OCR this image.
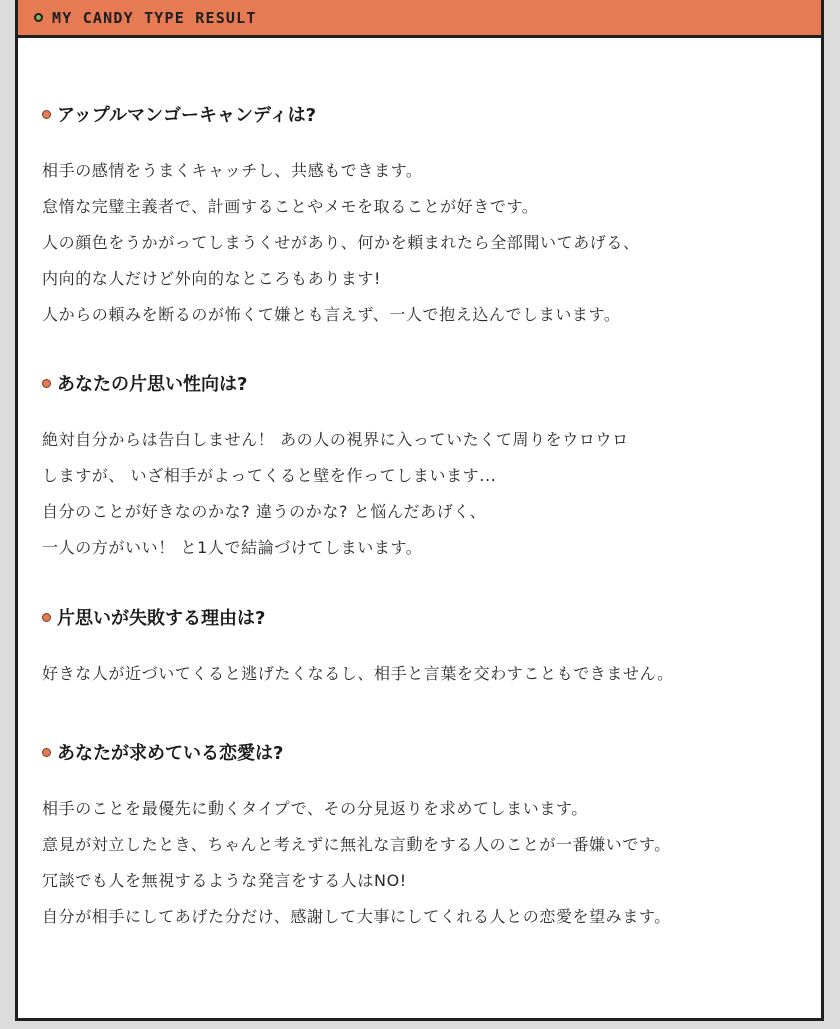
MY CANDY TYPE RESULT
アップルマンゴーキャンディは?
相手の感情をうまくキャッチし、共感もできます。
怠惰な完璧主義者で、計画することやメモを取ることが好きです。
人の顔色をうかがってしまうくせがあり、何かを頼まれたら全部聞いてあげる、
内向的な人だけど外向的なところもあります!
人からの頼みを断るのが怖くて嫌とも言えず、一人で抱え込んでしまいます。
あなたの片思い性向は?
絶対自分からは告白しません！ あの人の視界に入っていたくて周りをウロウロ
しますが、 いざ相手がよってくると壁を作ってしまいます...
自分のことが好きなのかな? 違うのかな? と悩んだあげく、
一人の方がいい！ と1人で結論づけてしまいます。
片思いが失敗する理由は?
好きな人が近づいてくると逃げたくなるし、相手と言葉を交わすこともできません。
あなたが求めている恋愛は?
相手のことを最優先に動くタイプで、その分見返りを求めてしまいます。
意見が対立したとき、ちゃんと考えずに無礼な言動をする人のことが一番嫌いです。
冗談でも人を無視するような発言をする人はNO!
自分が相手にしてあげた分だけ、感謝して大事にしてくれる人との恋愛を望みます。
